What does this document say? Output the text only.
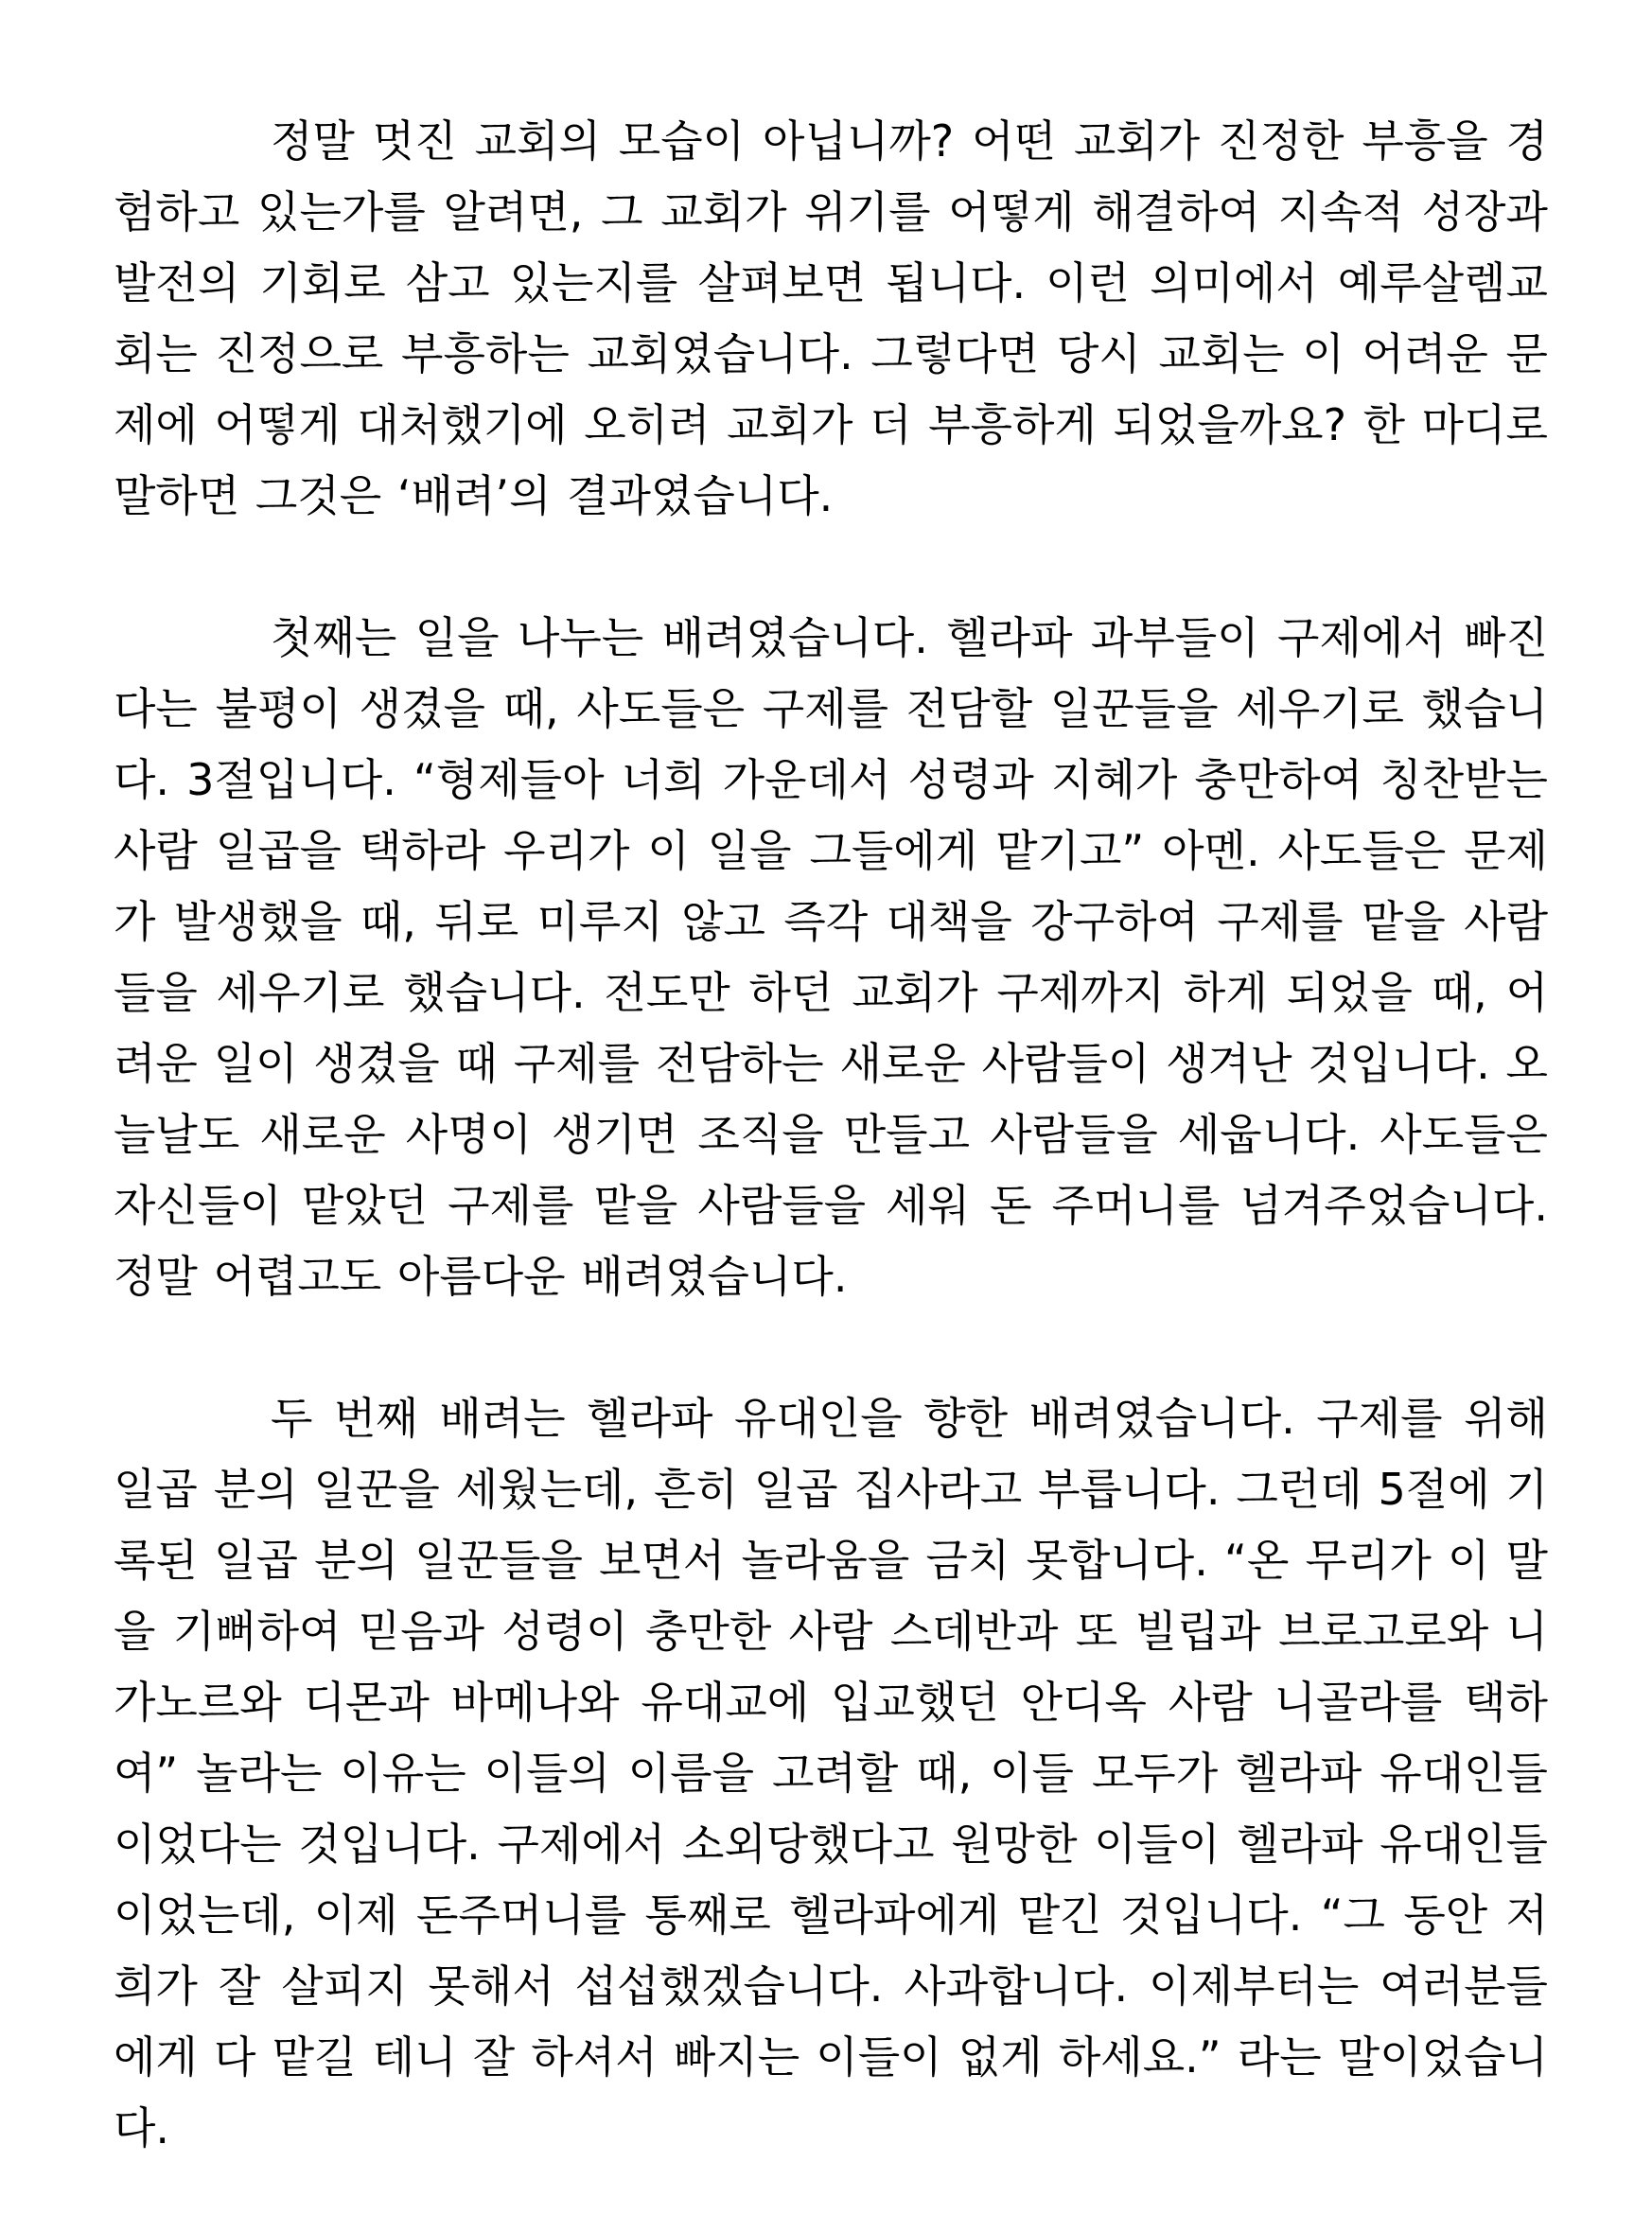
정말 멋진 교회의 모습이 아닙니까? 어떤 교회가 진정한 부흥을 경험하고 있는가를 알려면, 그 교회가 위기를 어떻게 해결하여 지속적 성장과 발전의 기회로 삼고 있는지를 살펴보면 됩니다. 이런 의미에서 예루살렘교회는 진정으로 부흥하는 교회였습니다. 그렇다면 당시 교회는 이 어려운 문제에 어떻게 대처했기에 오히려 교회가 더 부흥하게 되었을까요? 한 마디로 말하면 그것은 ‘배려’의 결과였습니다.

첫째는 일을 나누는 배려였습니다. 헬라파 과부들이 구제에서 빠진다는 불평이 생겼을 때, 사도들은 구제를 전담할 일꾼들을 세우기로 했습니다. 3절입니다. “형제들아 너희 가운데서 성령과 지혜가 충만하여 칭찬받는 사람 일곱을 택하라 우리가 이 일을 그들에게 맡기고” 아멘. 사도들은 문제가 발생했을 때, 뒤로 미루지 않고 즉각 대책을 강구하여 구제를 맡을 사람들을 세우기로 했습니다. 전도만 하던 교회가 구제까지 하게 되었을 때, 어려운 일이 생겼을 때 구제를 전담하는 새로운 사람들이 생겨난 것입니다. 오늘날도 새로운 사명이 생기면 조직을 만들고 사람들을 세웁니다. 사도들은 자신들이 맡았던 구제를 맡을 사람들을 세워 돈 주머니를 넘겨주었습니다. 정말 어렵고도 아름다운 배려였습니다.

두 번째 배려는 헬라파 유대인을 향한 배려였습니다. 구제를 위해 일곱 분의 일꾼을 세웠는데, 흔히 일곱 집사라고 부릅니다. 그런데 5절에 기록된 일곱 분의 일꾼들을 보면서 놀라움을 금치 못합니다. “온 무리가 이 말을 기뻐하여 믿음과 성령이 충만한 사람 스데반과 또 빌립과 브로고로와 니가노르와 디몬과 바메나와 유대교에 입교했던 안디옥 사람 니골라를 택하여” 놀라는 이유는 이들의 이름을 고려할 때, 이들 모두가 헬라파 유대인들이었다는 것입니다. 구제에서 소외당했다고 원망한 이들이 헬라파 유대인들이었는데, 이제 돈주머니를 통째로 헬라파에게 맡긴 것입니다. “그 동안 저희가 잘 살피지 못해서 섭섭했겠습니다. 사과합니다. 이제부터는 여러분들에게 다 맡길 테니 잘 하셔서 빠지는 이들이 없게 하세요.” 라는 말이었습니다.
